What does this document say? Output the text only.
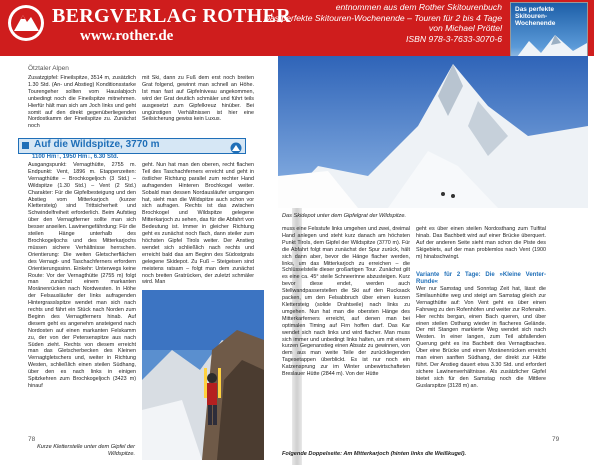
BERGVERLAG ROTHER
www.rother.de
entnommen aus dem Rother Skitourenbuch
Das perfekte Skitouren-Wochenende – Touren für 2 bis 4 Tage
von Michael Pröttel
ISBN 978-3-7633-3070-6
Das perfekte
Skitouren-
Wochenende
Ötztaler Alpen
Zusatzgipfel: Fineilspitze, 3514 m, zusätzlich 1.30 Std. (An- und Abstieg) Konditionsstarke Tourengeher sollten vom Hauslabjoch unbedingt noch die Fineilspitze mitnehmen. Hierfür hält man sich am Joch links und geht somit auf den direkt gegenüberliegenden Nordostkamm der Fineilspitze zu. Zunächst noch
mit Ski, dann zu Fuß dem erst noch breiten Grat folgend, gewinnt man schnell an Höhe. Ist man fast auf Gipfelniveau angekommen, wird der Grat deutlich schmäler und führt teils ausgesetzt zum Gipfelkreuz hinüber. Bei ungünstigen Verhältnissen ist hier eine Seilsicherung gewiss kein Luxus.
Auf die Wildspitze, 3770 m
1100 Hm↑, 1950 Hm↓, 6.30 Std.
Ausgangspunkt: Vernagthütte, 2755 m. Endpunkt: Vent, 1896 m. Etappenzeiten: Vernagthütte – Brochkogeljoch (3 Std.) – Wildspitze (1.30 Std.) – Vent (2 Std.) Charakter: Für die Gipfelbesteigung und den Abstieg vom Mitterkarjoch (kurzer Klettersteig) sind Trittsicherheit und Schwindelfreiheit erforderlich. Beim Aufstieg über den Vernagtferner sollte man sich besser anseilen. Lawinengefährdung: Für die steilen Hänge unterhalb des Brochkogeljochs und des Mitterkarjochs müssen sichere Verhältnisse herrschen. Orientierung: Die weiten Gletscherflächen des Vernagt- und Taschachferners erfordern Orientierungssinn. Einkehr: Unterwegs keine Route: Vor der Vernagthütte (2755 m) folgt man zunächst einem markanten Moränenrücken nach Nordwesten. In Höhe der Felsausläufer der links aufragenden Hintergrasslspitze wendet man sich nach rechts und fährt ein Stück nach Norden zum Beginn des Vernagtferners hinab. Auf diesem geht es angenehm ansteigend nach Nordosten auf einen markanten Felskamm zu, der von der Petersenspitze aus nach Süden zieht. Rechts von diesem erreicht man das Gletscherbecken des Kleinen Vernagtgletschers und, weiter in Richtung Westen, schließlich einen steilen Südhang, über den es nach links in einigen Spitzkehren zum Brochkogeljoch (3423 m) hinauf
geht. Nun hat man den oberen, recht flachen Teil des Taschachferners erreicht und geht in östlicher Richtung parallel zum rechter Hand aufragenden Hinteren Brochkogel weiter. Sobald man dessen Nordausläufer umgangen hat, sieht man die Wildspitze auch schon vor sich aufragen. Rechts ist das zwischen Brochkogel und Wildspitze gelegene Mitterkarjoch zu sehen, das für die Abfahrt von Bedeutung ist. Immer in gleicher Richtung geht es zunächst noch flach, dann steiler zum höchsten Gipfel Tirols weiter. Der Anstieg wendet sich schließlich nach rechts und erreicht bald das am Beginn des Südostgrats gelegene Skidepot. Zu Fuß – Steigeisen sind meistens ratsam – folgt man dem zunächst noch breiten Gratrücken, der zuletzt schmäler wird. Man
Kurze Kletterstelle unter dem Gipfel der Wildspitze.
78
Das Skidepot unter dem Gipfelgrat der Wildspitze.
muss eine Felsstufe links umgehen und zwei, dreimal Hand anlegen und steht kurz danach am höchsten Punkt Tirols, dem Gipfel der Wildspitze (3770 m). Für die Abfahrt folgt man zunächst der Spur zurück, hält sich dann aber, bevor die Hänge flacher werden, links, um das Mitterkarjoch zu erreichen – die Schlüsselstelle dieser großartigen Tour. Zunächst gilt es eine ca. 45° steile Schneerinne abzusteigen. Kurz bevor diese endet, werden auch Stellwandpasserstellen die Ski auf den Rucksack packen, um den Felsabbruch über einen kurzen Klettersteig (solide Drahtseile) nach links zu umgehen. Nun hat man die obersten Hänge des Mitterkarferners erreicht, auf denen man bei optimalen Timing auf Firn hoffen darf. Das Kar wendet sich nach links und wird flacher. Man muss sich immer und unbedingt links halten, um mit einem kurzen Gegenanstieg einen Absatz zu gewinnen, von dem aus man weite Teile der zurückliegenden Tagesetappen überblickt. Es ist nur noch ein Katzensprung zur im Winter unbewirtschafteten Breslauer Hütte (2844 m). Von der Hütte
geht es über einen steilen Nordosthang zum Tuifital hinab. Das Bachbett wird auf einer Brücke überquert. Auf der anderen Seite sieht man schon die Piste des Skigebiets, auf der man problemlos nach Vent (1900 m) hinabschwingt.
Variante für 2 Tage: Die »Kleine Venter-Runde«
Wer nur Samstag und Sonntag Zeit hat, lässt die Similaunhütte weg und steigt am Samstag gleich zur Vernagthütte auf: Von Vent geht es über einen Fahrweg zu den Rofenhöfen und weiter zur Rofenalm. Hier rechts bergan, einen Bach queren, und über einen steilen Osthang wieder in flacheres Gelände. Der mit Stangen markierte Weg wendet sich nach Westen. In einer langen, zum Teil abfallenden Querung geht es ins Bachbett des Vernagtbaches. Über eine Brücke und einen Moränenrücken erreicht man einen sanften Südhang, der direkt zur Hütte führt. Der Anstieg dauert etwa 3.30 Std. und erfordert sichere Lawinenverhältnisse. Als zusätzlicher Gipfel bietet sich für den Samstag noch die Mittlere Guslarspitze (3128 m) an.
Folgende Doppelseite: Am Mitterkarjoch (hinten links die Weißkugel).
79
